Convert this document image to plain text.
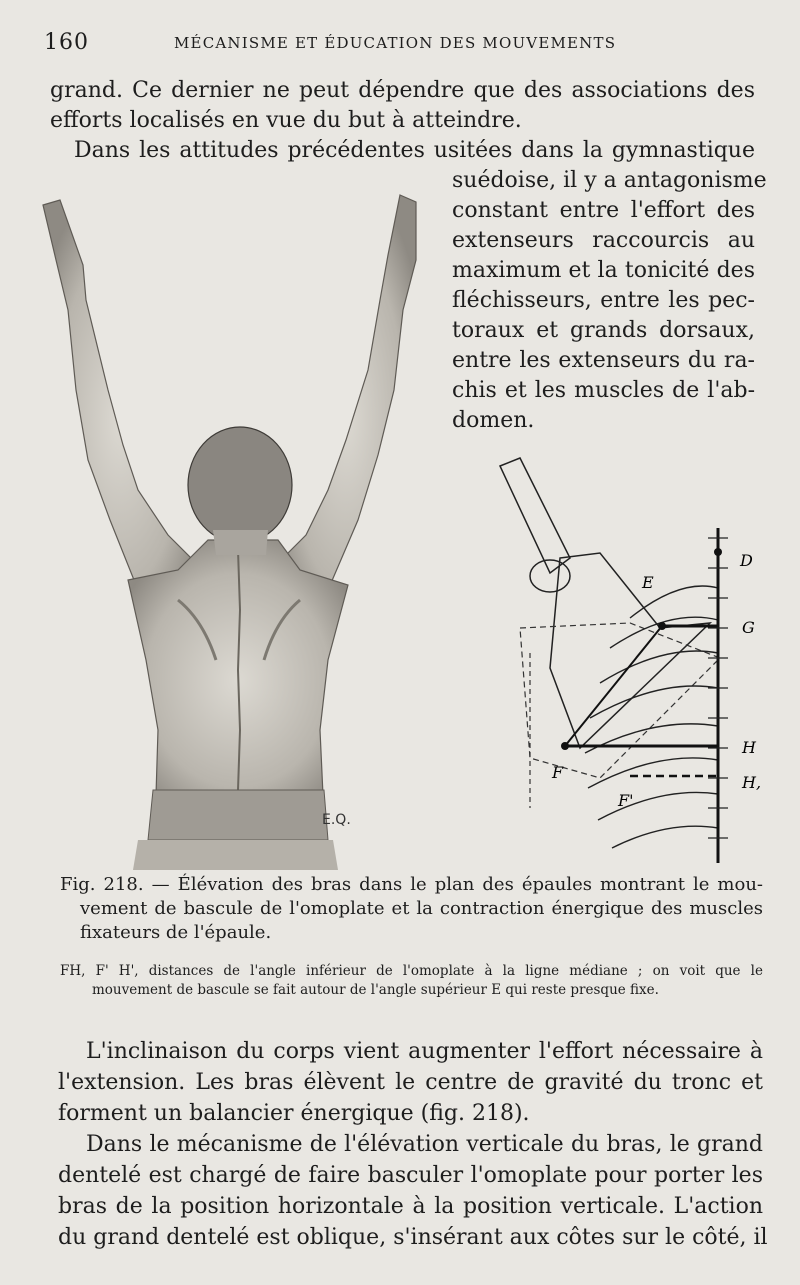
160	MÉCANISME ET ÉDUCATION DES MOUVEMENTS
grand. Ce dernier ne peut dépendre que des associations des
efforts localisés en vue du but à atteindre.
Dans les attitudes précédentes usitées dans la gymnastique
suédoise, il y a antagonisme
constant entre l'effort des
extenseurs raccourcis au
maximum et la tonicité des
fléchisseurs, entre les pec-
toraux et grands dorsaux,
entre les extenseurs du ra-
chis et les muscles de l'ab-
domen.
E.Q.
D
E
G
F
F'
H
H,
Fig. 218. — Élévation des bras dans le plan des épaules montrant le mou-
vement de bascule de l'omoplate et la contraction énergique des muscles
fixateurs de l'épaule.
FH, F' H', distances de l'angle inférieur de l'omoplate à la ligne médiane ; on voit que le
mouvement de bascule se fait autour de l'angle supérieur E qui reste presque fixe.
L'inclinaison du corps vient augmenter l'effort nécessaire à
l'extension. Les bras élèvent le centre de gravité du tronc et
forment un balancier énergique (fig. 218).
Dans le mécanisme de l'élévation verticale du bras, le grand
dentelé est chargé de faire basculer l'omoplate pour porter les
bras de la position horizontale à la position verticale. L'action
du grand dentelé est oblique, s'insérant aux côtes sur le côté, il
